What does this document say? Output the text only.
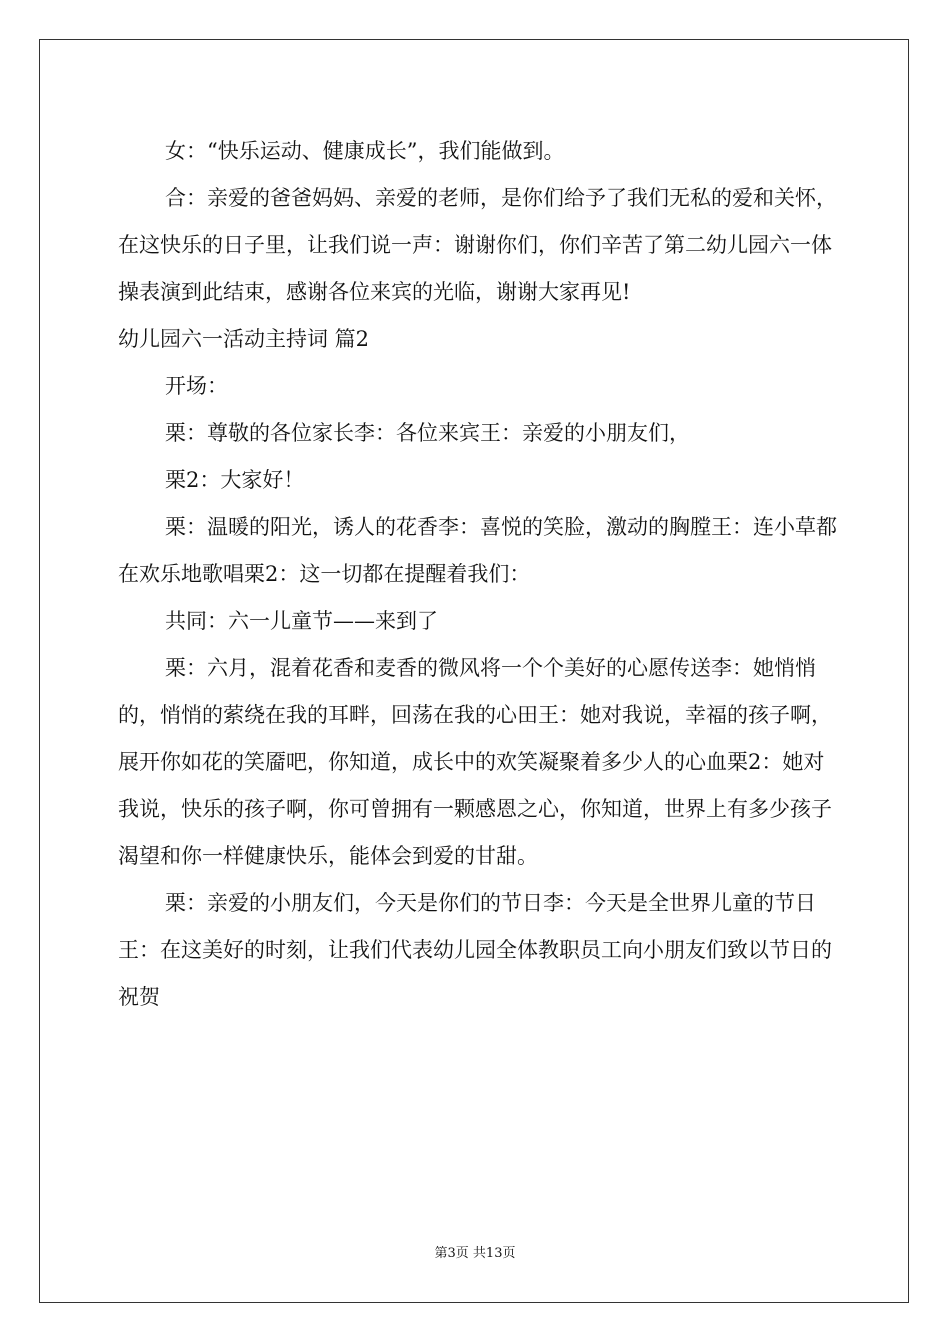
女：“快乐运动、健康成长”，我们能做到。

合：亲爱的爸爸妈妈、亲爱的老师，是你们给予了我们无私的爱和关怀，在这快乐的日子里，让我们说一声：谢谢你们，你们辛苦了第二幼儿园六一体操表演到此结束，感谢各位来宾的光临，谢谢大家再见!

幼儿园六一活动主持词 篇2

开场：

栗：尊敬的各位家长李：各位来宾王：亲爱的小朋友们，

栗2：大家好！

栗：温暖的阳光，诱人的花香李：喜悦的笑脸，激动的胸膛王：连小草都在欢乐地歌唱栗2：这一切都在提醒着我们：

共同：六一儿童节——来到了

栗：六月，混着花香和麦香的微风将一个个美好的心愿传送李：她悄悄的，悄悄的萦绕在我的耳畔，回荡在我的心田王：她对我说，幸福的孩子啊，展开你如花的笑靥吧，你知道，成长中的欢笑凝聚着多少人的心血栗2：她对我说，快乐的孩子啊，你可曾拥有一颗感恩之心，你知道，世界上有多少孩子渴望和你一样健康快乐，能体会到爱的甘甜。

栗：亲爱的小朋友们，今天是你们的节日李：今天是全世界儿童的节日王：在这美好的时刻，让我们代表幼儿园全体教职员工向小朋友们致以节日的祝贺

第3页 共13页
